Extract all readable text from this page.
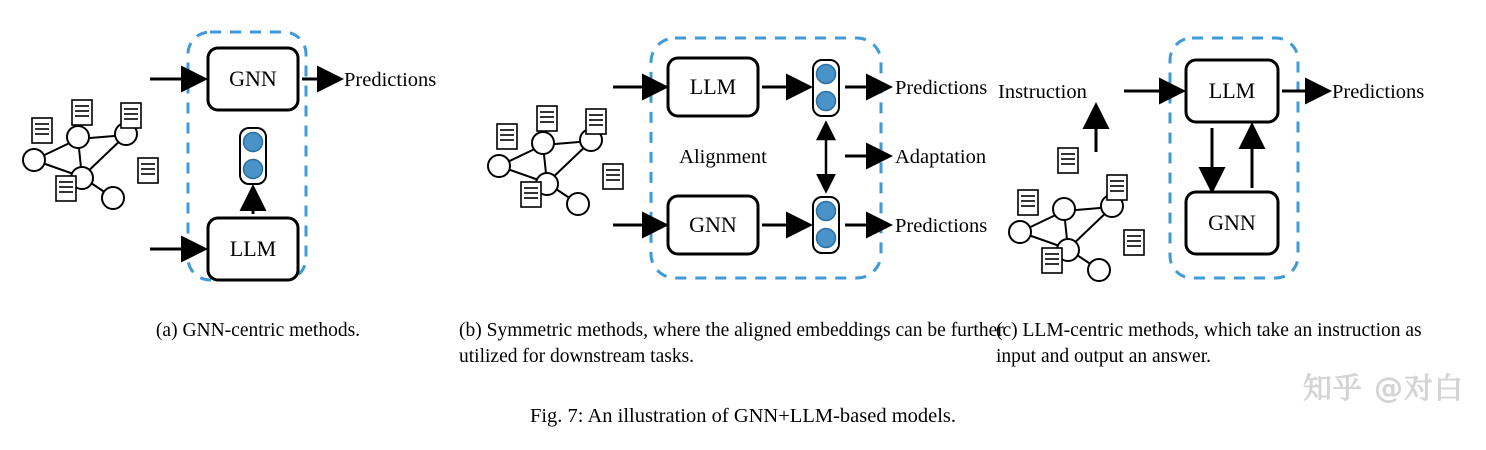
GNN
LLM
Predictions
(a) GNN-centric methods.
LLM
GNN
Alignment
Predictions
Adaptation
Predictions
(b) Symmetric methods, where the aligned embeddings can be further utilized for downstream tasks.
Instruction	LLM
GNN
Predictions
(c) LLM-centric methods, which take an instruction as input and output an answer.
Fig. 7: An illustration of GNN+LLM-based models.
知乎 @对白
